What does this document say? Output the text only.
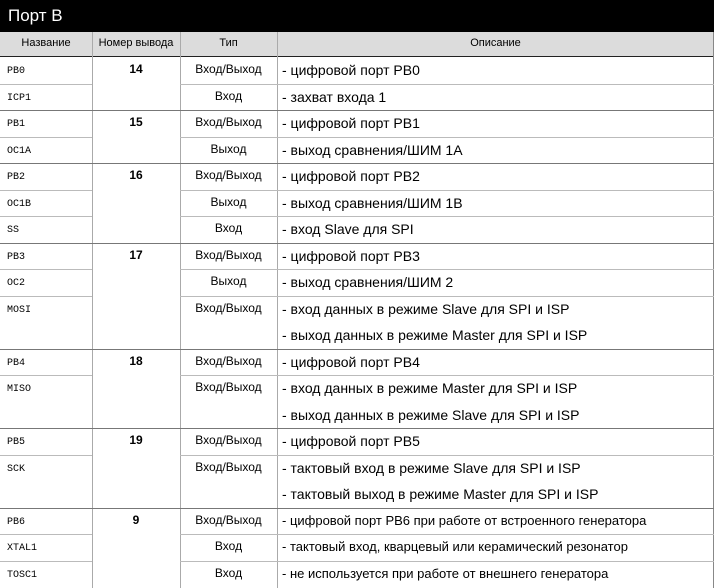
Порт В
Название	Номер вывода	Тип	Описание
PB0	14	Вход/Выход	- цифровой порт PB0
ICP1	Вход	- захват входа 1
PB1	15	Вход/Выход	- цифровой порт PB1
OC1A	Выход	- выход сравнения/ШИМ 1A
PB2	16	Вход/Выход	- цифровой порт PB2
OC1B	Выход	- выход сравнения/ШИМ 1B
SS	Вход	- вход Slave для SPI
PB3	17	Вход/Выход	- цифровой порт PB3
OC2	Выход	- выход сравнения/ШИМ 2
MOSI	Вход/Выход	- вход данных в режиме Slave для SPI и ISP
- выход данных в режиме Master для SPI и ISP
PB4	18	Вход/Выход	- цифровой порт PB4
MISO	Вход/Выход	- вход данных в режиме Master для SPI и ISP
- выход данных в режиме Slave для SPI и ISP
PB5	19	Вход/Выход	- цифровой порт PB5
SCK	Вход/Выход	- тактовый вход в режиме Slave для SPI и ISP
- тактовый выход в режиме Master для SPI и ISP
PB6	9	Вход/Выход	- цифровой порт PB6 при работе от встроенного генератора
XTAL1	Вход	- тактовый вход, кварцевый или керамический резонатор
TOSC1	Вход	- не используется при работе от внешнего генератора
